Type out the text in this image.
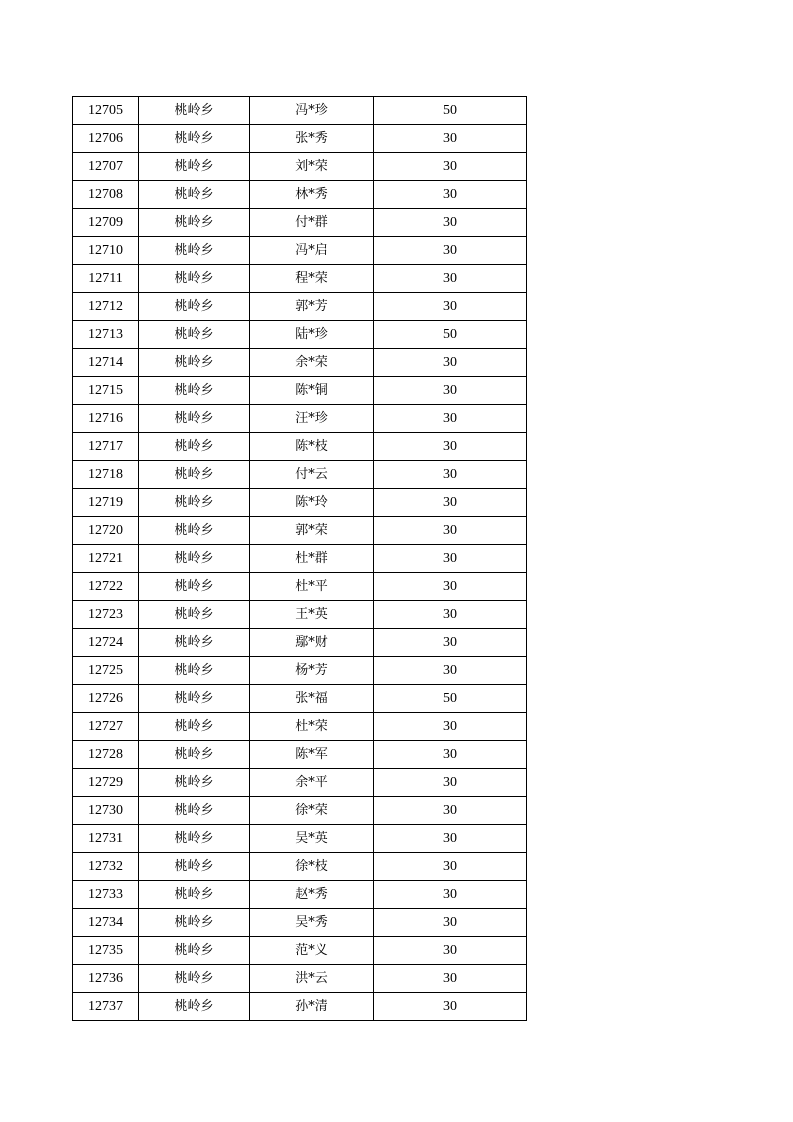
12705	桃岭乡	冯*珍	50
12706	桃岭乡	张*秀	30
12707	桃岭乡	刘*荣	30
12708	桃岭乡	林*秀	30
12709	桃岭乡	付*群	30
12710	桃岭乡	冯*启	30
12711	桃岭乡	程*荣	30
12712	桃岭乡	郭*芳	30
12713	桃岭乡	陆*珍	50
12714	桃岭乡	余*荣	30
12715	桃岭乡	陈*铜	30
12716	桃岭乡	汪*珍	30
12717	桃岭乡	陈*枝	30
12718	桃岭乡	付*云	30
12719	桃岭乡	陈*玲	30
12720	桃岭乡	郭*荣	30
12721	桃岭乡	杜*群	30
12722	桃岭乡	杜*平	30
12723	桃岭乡	王*英	30
12724	桃岭乡	鄢*财	30
12725	桃岭乡	杨*芳	30
12726	桃岭乡	张*福	50
12727	桃岭乡	杜*荣	30
12728	桃岭乡	陈*军	30
12729	桃岭乡	余*平	30
12730	桃岭乡	徐*荣	30
12731	桃岭乡	吴*英	30
12732	桃岭乡	徐*枝	30
12733	桃岭乡	赵*秀	30
12734	桃岭乡	吴*秀	30
12735	桃岭乡	范*义	30
12736	桃岭乡	洪*云	30
12737	桃岭乡	孙*清	30
